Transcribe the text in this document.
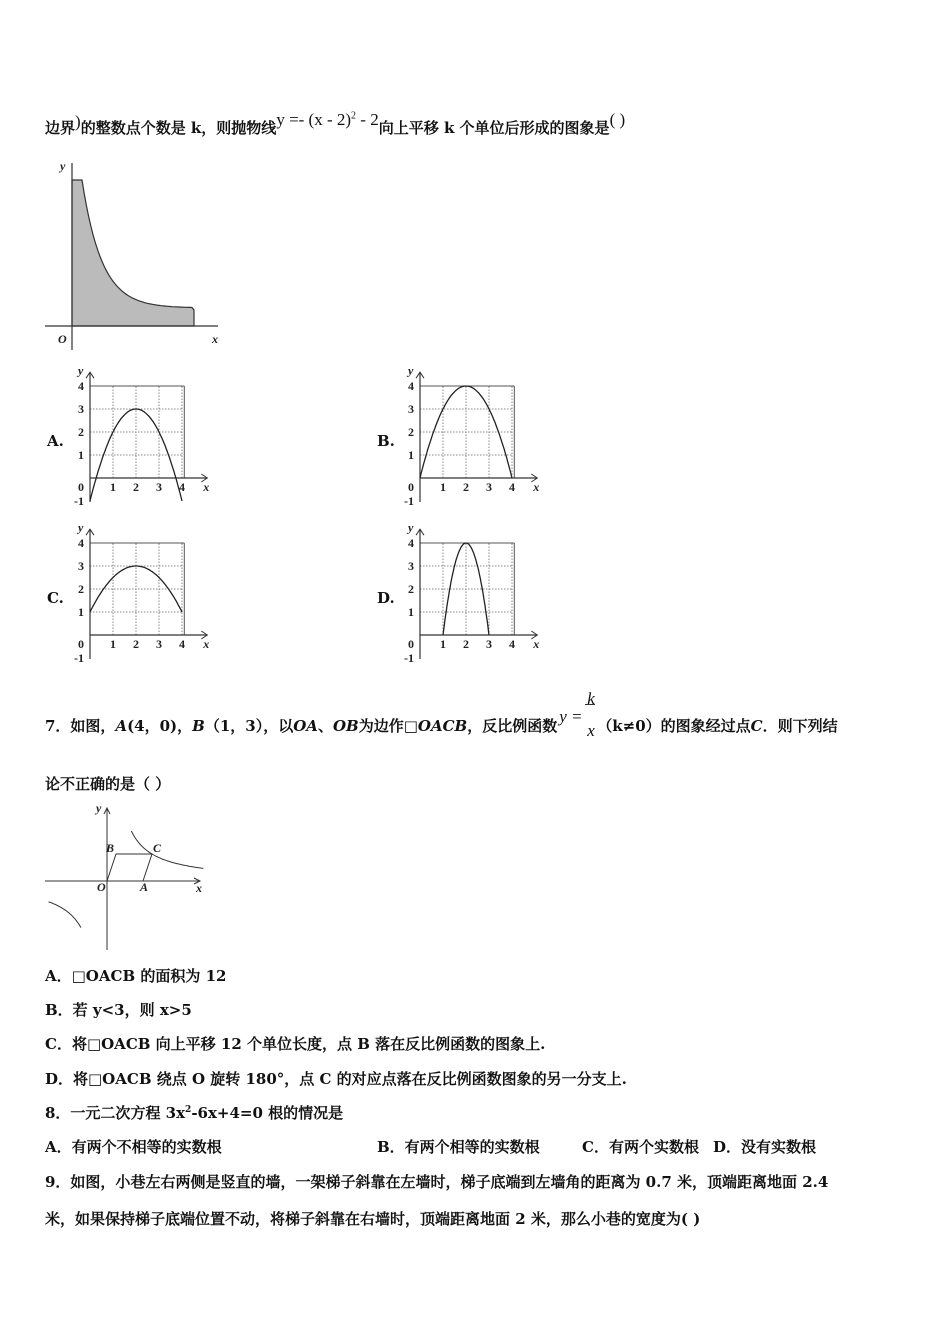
边界)的整数点个数是 k，则抛物线y =- (x - 2)$^2$ - 2向上平移 k 个单位后形成的图象是( )
y
x
O
A.
0 1 2 3 4
-1
1
2
3
4
x
y
B.
0 1 2 3 4
-1
1
2
3
4
x
y
C.
0 1 2 3 4
-1
1
2
3
4
x
y
D.
0 1 2 3 4
-1
1
2
3
4
x
y
7．如图，A(4，0)，B（1，3），以OA、OB为边作□OACB，反比例函数 y =
k
x （k≠0）的图象经过点C．则下列结
论不正确的是（ ）
y
x
O	A
B	C
A．□OACB 的面积为 12
B．若 y<3，则 x>5
C．将□OACB 向上平移 12 个单位长度，点 B 落在反比例函数的图象上.
D．将□OACB 绕点 O 旋转 180°，点 C 的对应点落在反比例函数图象的另一分支上.
8．一元二次方程 $3x^2-6x+4=0$ 根的情况是
A．有两个不相等的实数根	B．有两个相等的实数根	C．有两个实数根 D．没有实数根
9．如图，小巷左右两侧是竖直的墙，一架梯子斜靠在左墙时，梯子底端到左墙角的距离为 0.7 米，顶端距离地面 2.4
米，如果保持梯子底端位置不动，将梯子斜靠在右墙时，顶端距离地面 2 米，那么小巷的宽度为( )
